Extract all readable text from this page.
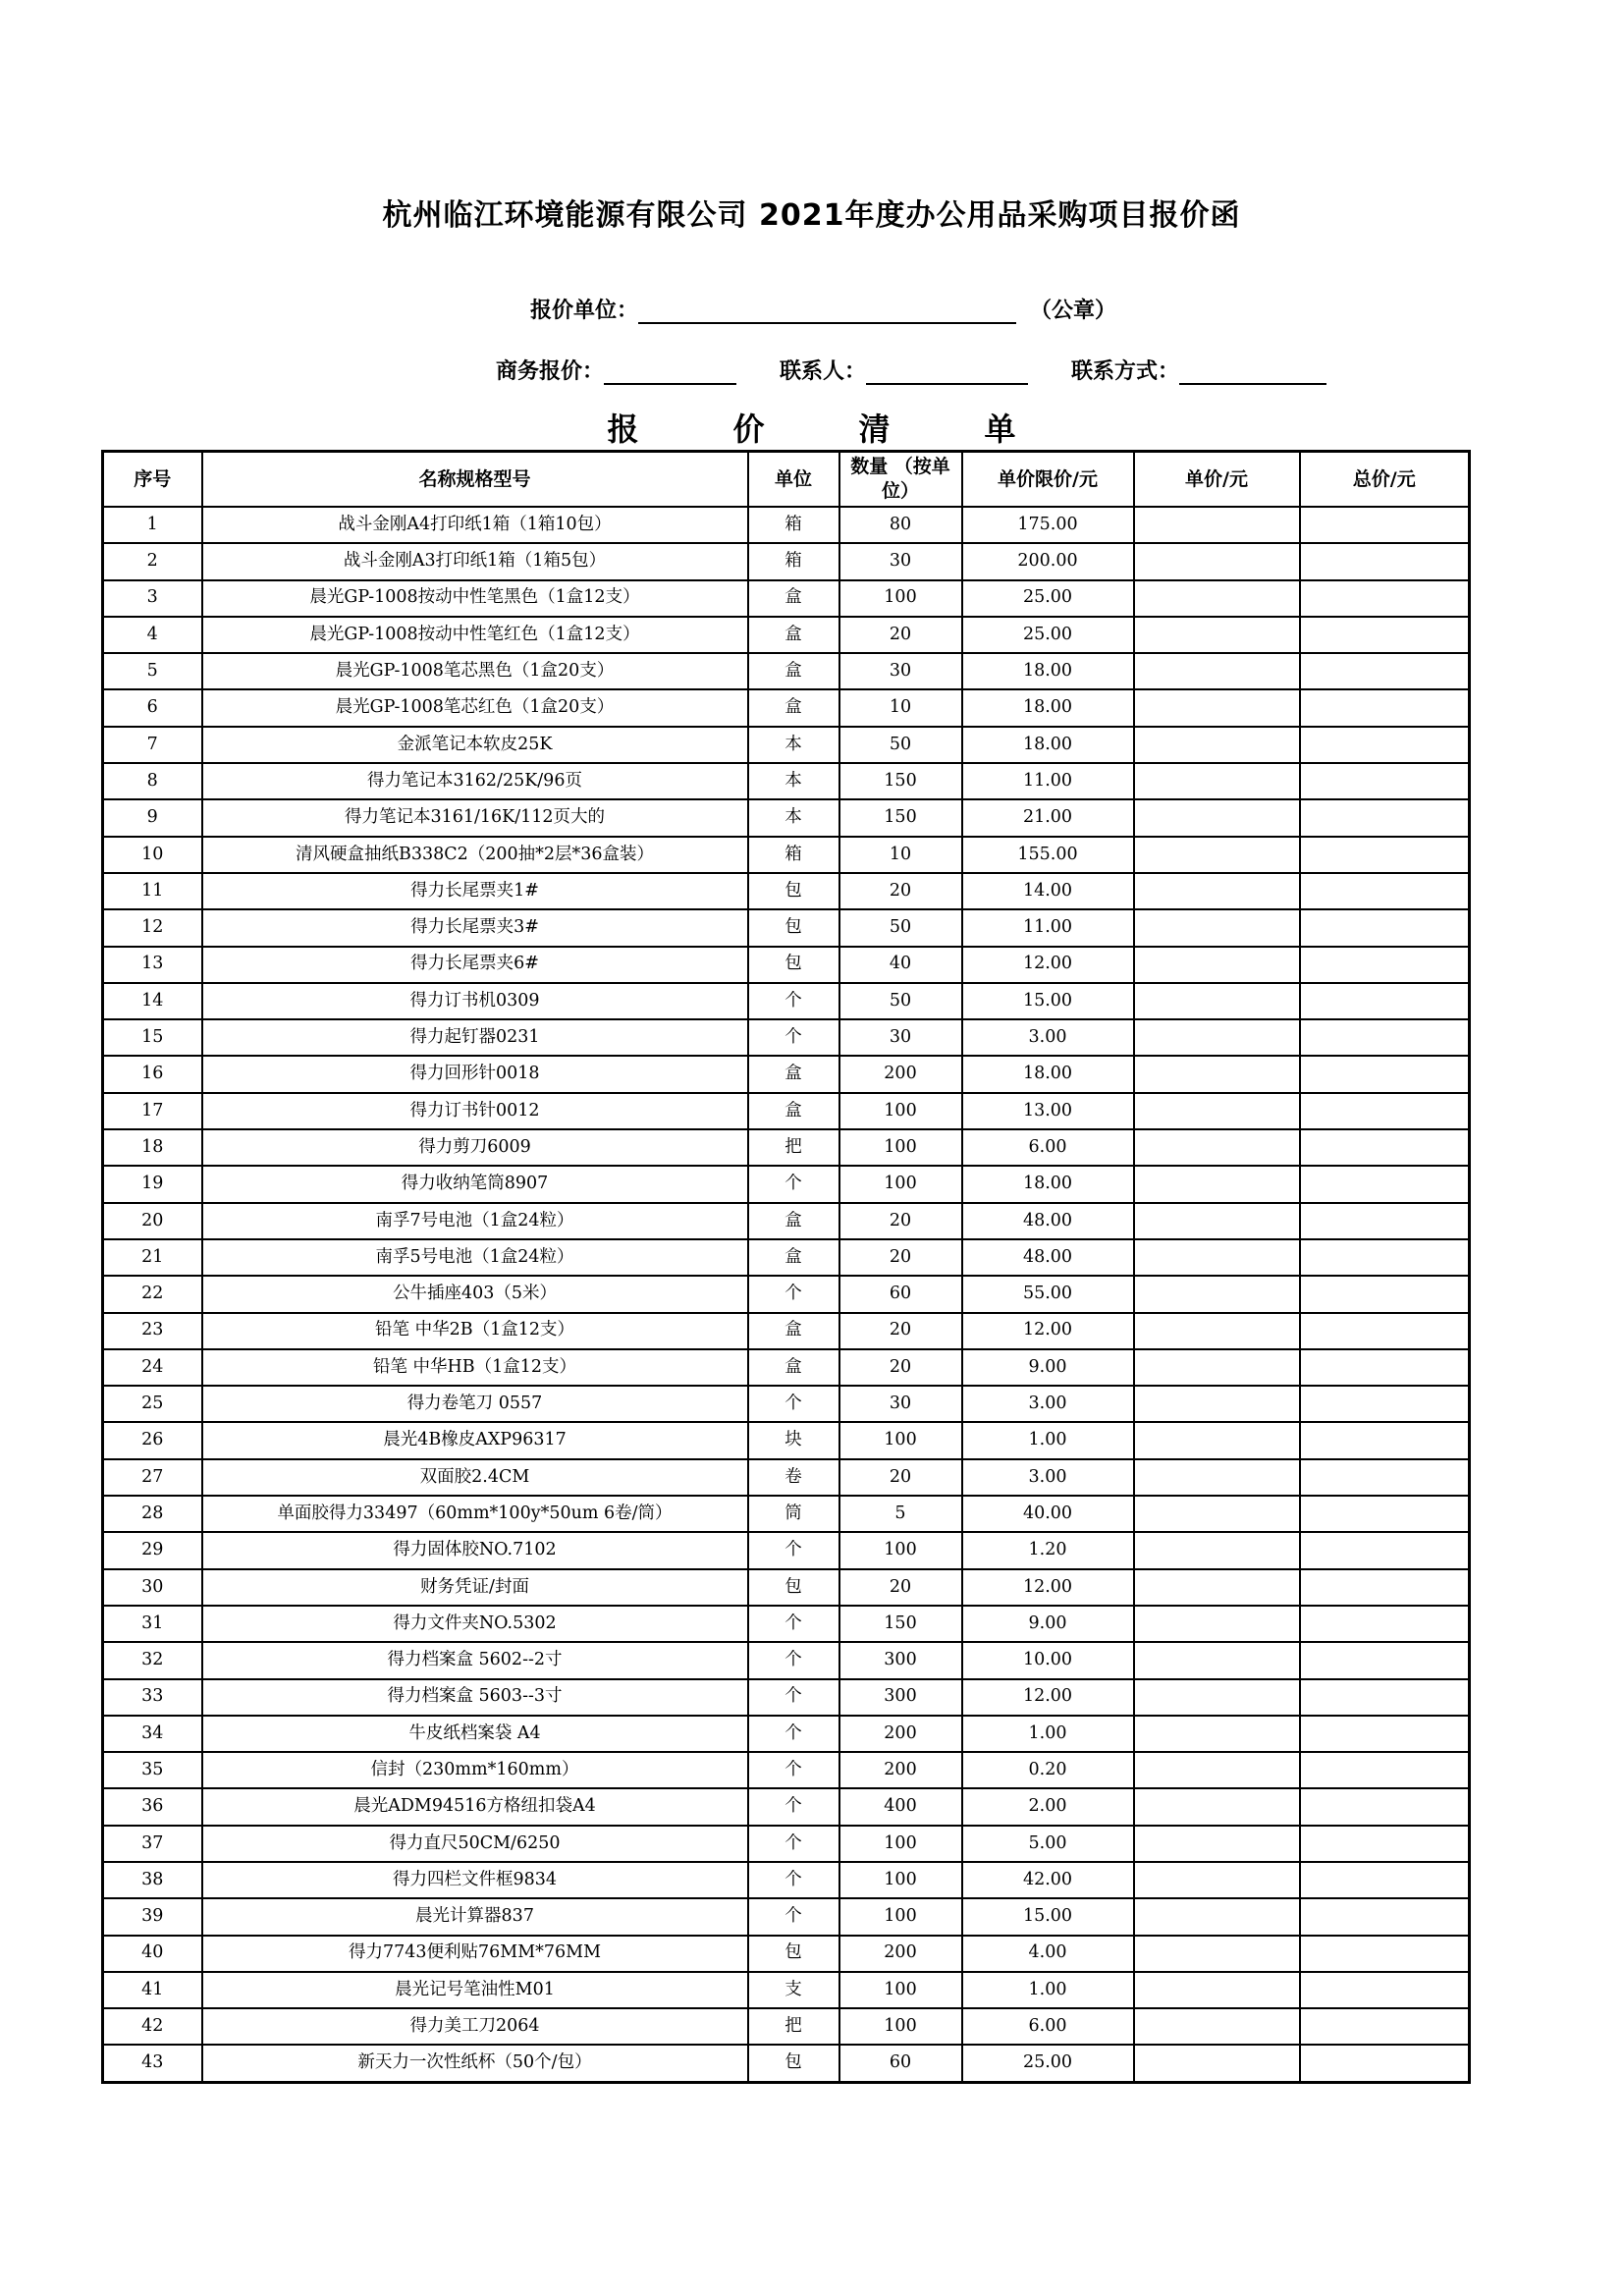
杭州临江环境能源有限公司 2021年度办公用品采购项目报价函
报价单位：	（公章）
商务报价：	联系人：	联系方式：
报价清单
序号	名称规格型号	单位	数量 （按单位）	单价限价/元	单价/元	总价/元
1	战斗金刚A4打印纸1箱（1箱10包）	箱	80	175.00		
2	战斗金刚A3打印纸1箱（1箱5包）	箱	30	200.00		
3	晨光GP-1008按动中性笔黑色（1盒12支）	盒	100	25.00		
4	晨光GP-1008按动中性笔红色（1盒12支）	盒	20	25.00		
5	晨光GP-1008笔芯黑色（1盒20支）	盒	30	18.00		
6	晨光GP-1008笔芯红色（1盒20支）	盒	10	18.00		
7	金派笔记本软皮25K	本	50	18.00		
8	得力笔记本3162/25K/96页	本	150	11.00		
9	得力笔记本3161/16K/112页大的	本	150	21.00		
10	清风硬盒抽纸B338C2（200抽*2层*36盒装）	箱	10	155.00		
11	得力长尾票夹1#	包	20	14.00		
12	得力长尾票夹3#	包	50	11.00		
13	得力长尾票夹6#	包	40	12.00		
14	得力订书机0309	个	50	15.00		
15	得力起钉器0231	个	30	3.00		
16	得力回形针0018	盒	200	18.00		
17	得力订书针0012	盒	100	13.00		
18	得力剪刀6009	把	100	6.00		
19	得力收纳笔筒8907	个	100	18.00		
20	南孚7号电池（1盒24粒）	盒	20	48.00		
21	南孚5号电池（1盒24粒）	盒	20	48.00		
22	公牛插座403（5米）	个	60	55.00		
23	铅笔 中华2B（1盒12支）	盒	20	12.00		
24	铅笔 中华HB（1盒12支）	盒	20	9.00		
25	得力卷笔刀 0557	个	30	3.00		
26	晨光4B橡皮AXP96317	块	100	1.00		
27	双面胶2.4CM	卷	20	3.00		
28	单面胶得力33497（60mm*100y*50um 6卷/筒）	筒	5	40.00		
29	得力固体胶NO.7102	个	100	1.20		
30	财务凭证/封面	包	20	12.00		
31	得力文件夹NO.5302	个	150	9.00		
32	得力档案盒 5602--2寸	个	300	10.00		
33	得力档案盒 5603--3寸	个	300	12.00		
34	牛皮纸档案袋 A4	个	200	1.00		
35	信封（230mm*160mm）	个	200	0.20		
36	晨光ADM94516方格纽扣袋A4	个	400	2.00		
37	得力直尺50CM/6250	个	100	5.00		
38	得力四栏文件框9834	个	100	42.00		
39	晨光计算器837	个	100	15.00		
40	得力7743便利贴76MM*76MM	包	200	4.00		
41	晨光记号笔油性M01	支	100	1.00		
42	得力美工刀2064	把	100	6.00		
43	新天力一次性纸杯（50个/包）	包	60	25.00		
